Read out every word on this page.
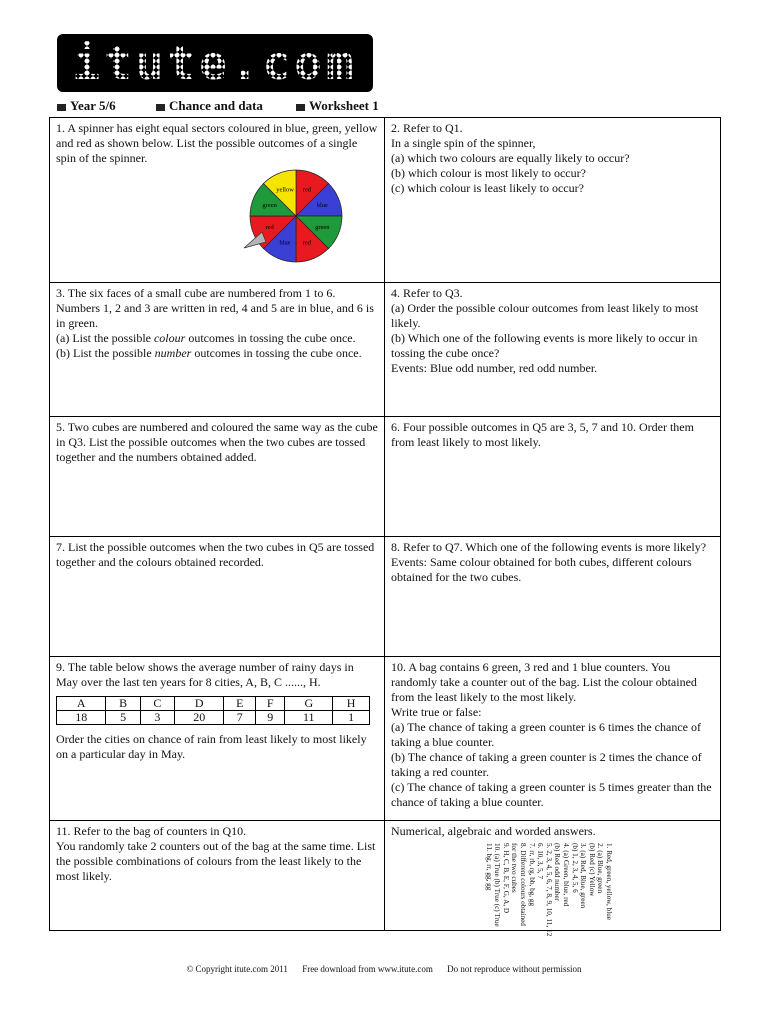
itute.com
Year 5/6	Chance and data	Worksheet 1

1. A spinner has eight equal sectors coloured in blue, green, yellow and red as shown below. List the possible outcomes of a single spin of the spinner.

red
blue
green
red
blue
red
green
yellow

2. Refer to Q1.
In a single spin of the spinner,
(a) which two colours are equally likely to occur?
(b) which colour is most likely to occur?
(c) which colour is least likely to occur?

3. The six faces of a small cube are numbered from 1 to 6. Numbers 1, 2 and 3 are written in red, 4 and 5 are in blue, and 6 is in green.

(a) List the possible colour outcomes in tossing the cube once.

(b) List the possible number outcomes in tossing the cube once.

4. Refer to Q3.
(a) Order the possible colour outcomes from least likely to most likely.
(b) Which one of the following events is more likely to occur in tossing the cube once?
Events: Blue odd number, red odd number.

5. Two cubes are numbered and coloured the same way as the cube in Q3. List the possible outcomes when the two cubes are tossed together and the numbers obtained added.

6. Four possible outcomes in Q5 are 3, 5, 7 and 10. Order them from least likely to most likely.

7. List the possible outcomes when the two cubes in Q5 are tossed together and the colours obtained recorded.

8. Refer to Q7. Which one of the following events is more likely?
Events: Same colour obtained for both cubes, different colours obtained for the two cubes.

9. The table below shows the average number of rainy days in May over the last ten years for 8 cities, A, B, C ......, H.

A	B	C	D	E	F	G	H
18	5	3	20	7	9	11	1

Order the cities on chance of rain from least likely to most likely on a particular day in May.

10. A bag contains 6 green, 3 red and 1 blue counters. You randomly take a counter out of the bag. List the colour obtained from the least likely to the most likely.
Write true or false:
(a) The chance of taking a green counter is 6 times the chance of taking a blue counter.
(b) The chance of taking a green counter is 2 times the chance of taking a red counter.
(c) The chance of taking a green counter is 5 times greater than the chance of taking a blue counter.

11. Refer to the bag of counters in Q10.
You randomly take 2 counters out of the bag at the same time. List the possible combinations of colours from the least likely to the most likely.

Numerical, algebraic and worded answers.

1. Red, green, yellow, blue
2. (a) Blue, green
(b) Red (c) Yellow
3. (a) Red, Blue, green
(b) 1, 2, 3, 4, 5, 6
4. (a) Green, blue, red
(b) Red odd number
5. 2, 3, 4, 5, 6, 7, 8, 9, 10, 11, 12
6. 10, 3, 5, 7
7. rr, rb, rg, bb, bg, gg
8. Different colours obtained
for the two cubes
9. H, C, B, E, F, G, A, D
10. (a) True (b) True (c) True
11. bg, rr, gg, gg
© Copyright itute.com 2011 Free download from www.itute.com Do not reproduce without permission
